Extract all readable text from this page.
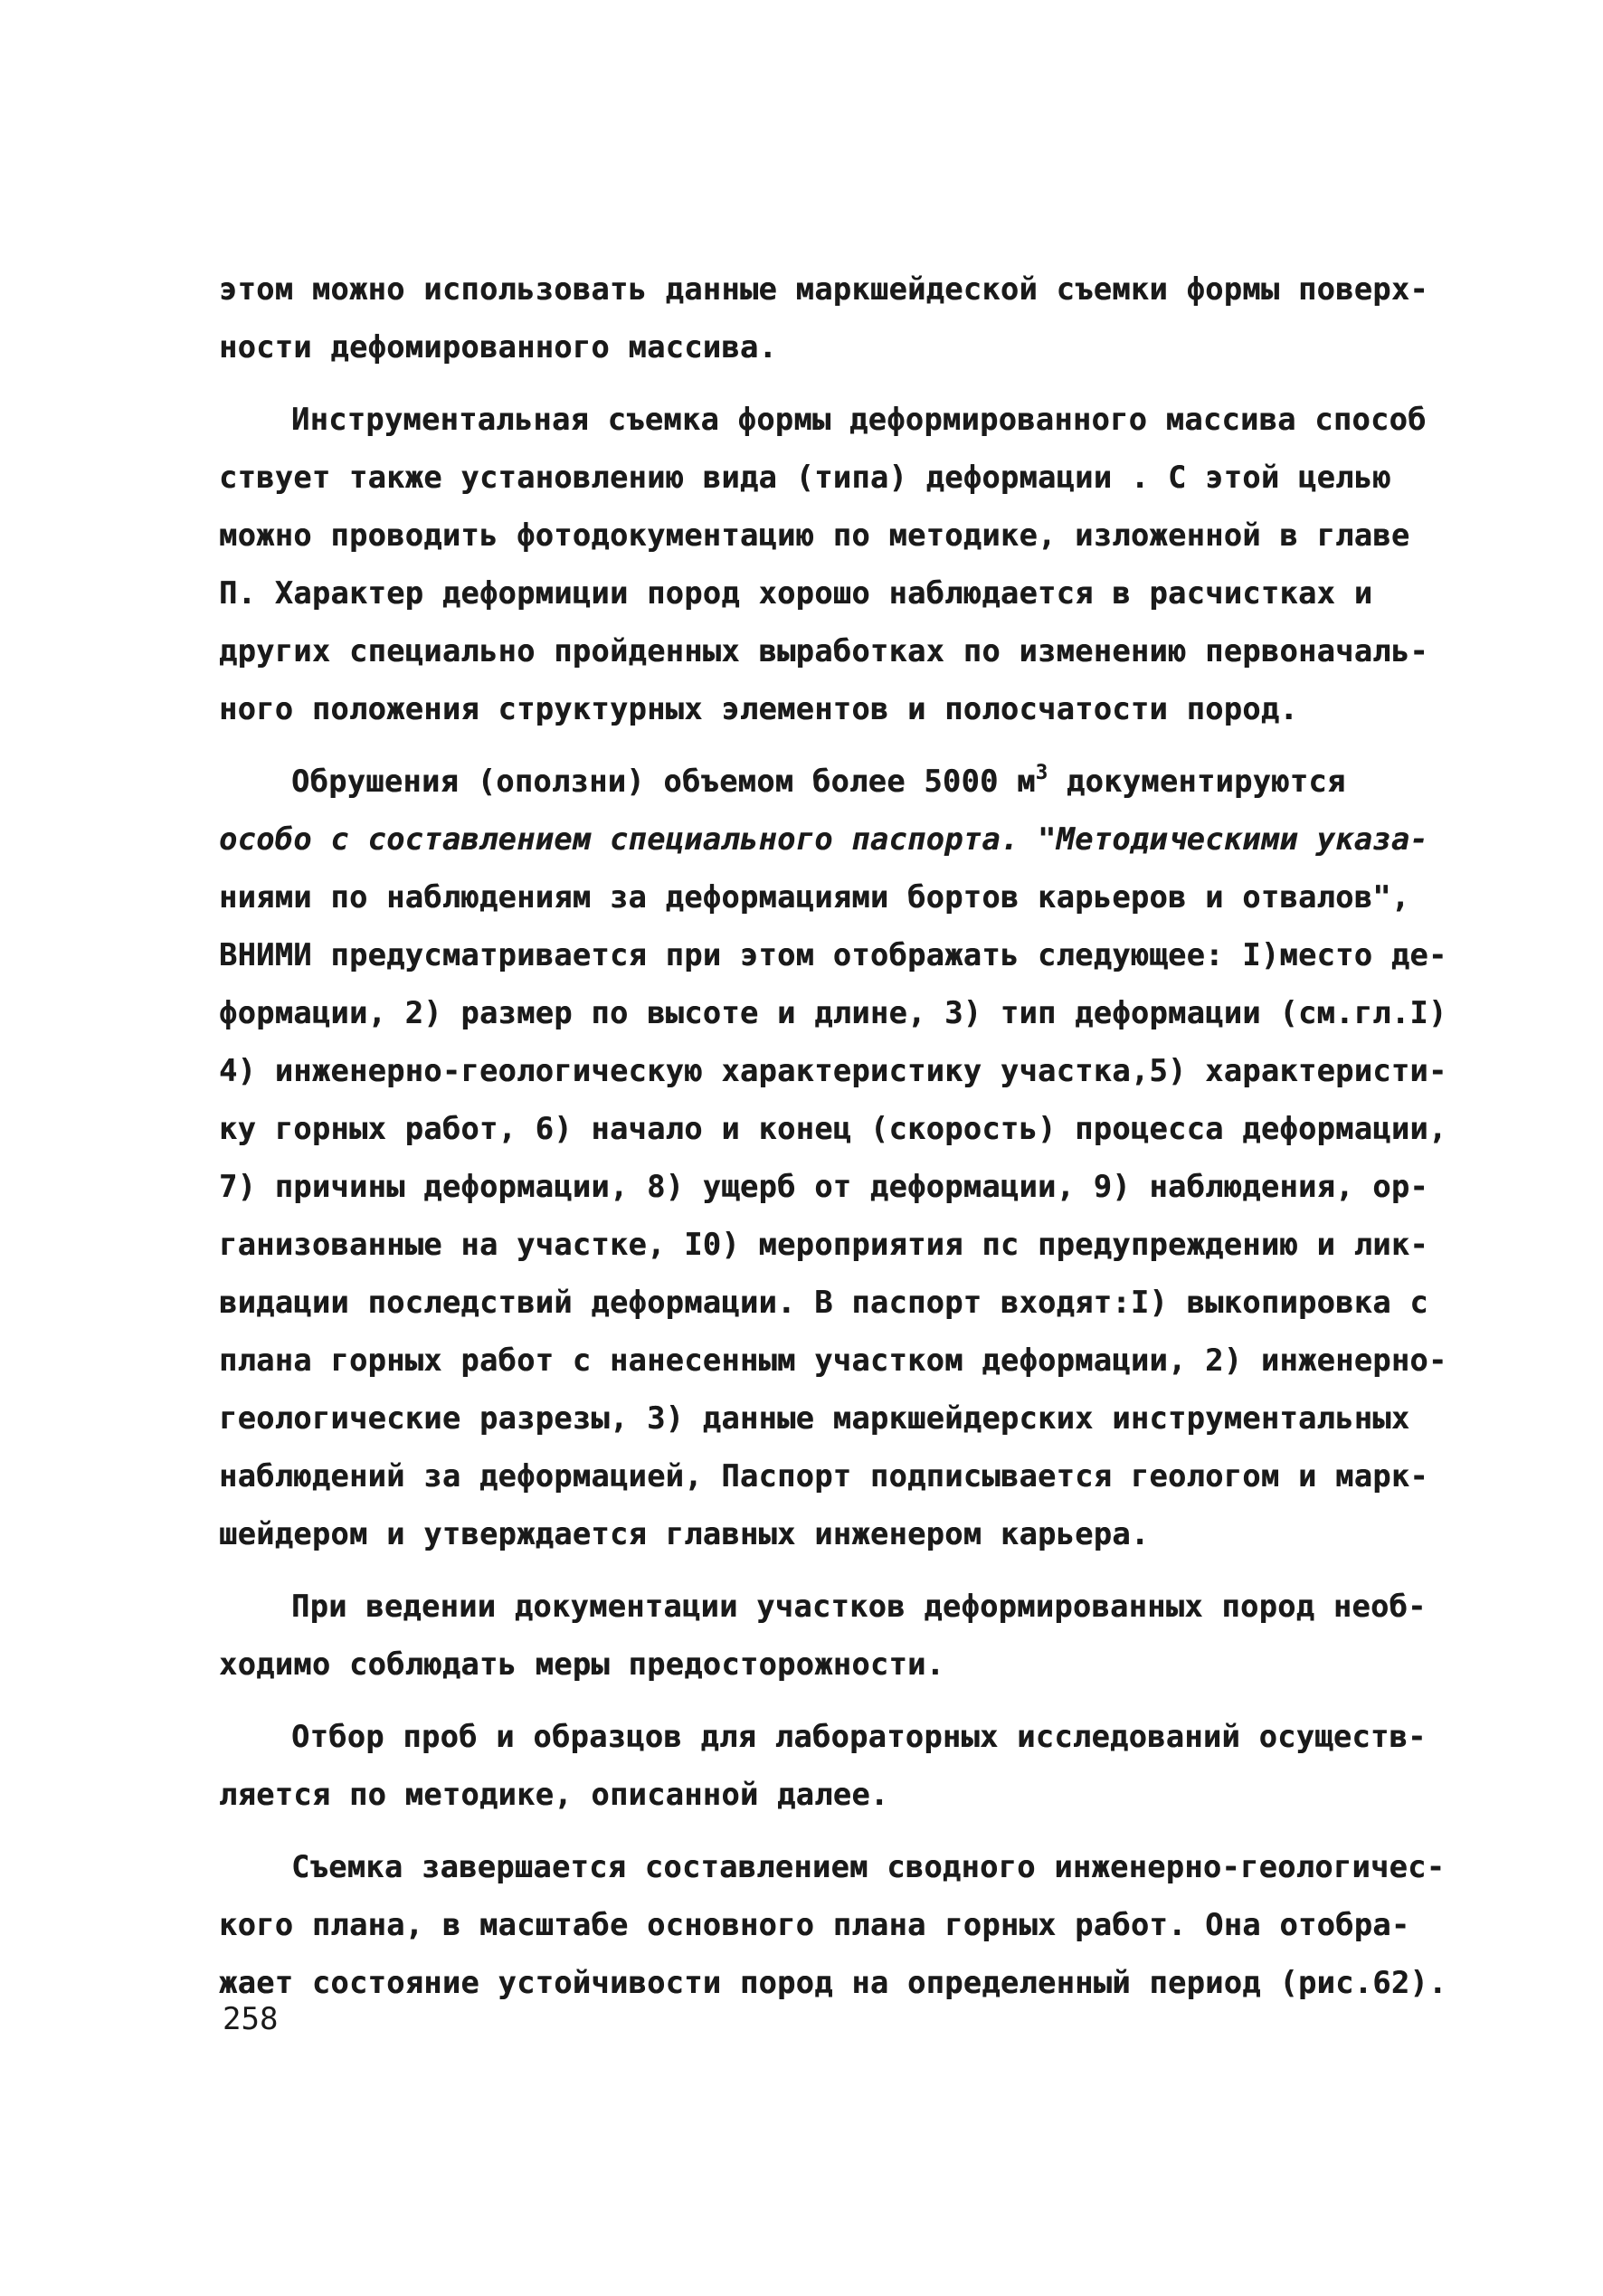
этом можно использовать данные маркшейдеской съемки формы поверх-
ности дефомированного массива.
Инструментальная съемка формы деформированного массива способ
ствует также установлению вида (типа) деформации . С этой целью
можно проводить фотодокументацию по методике, изложенной в главе
П. Характер деформиции пород хорошо наблюдается в расчистках и
других специально пройденных выработках по изменению первоначаль-
ного положения структурных элементов и полосчатости пород.
Обрушения (оползни) объемом более 5000 $м^3$ документируются
особо с составлением специального паспорта. "Методическими указа-
ниями по наблюдениям за деформациями бортов карьеров и отвалов",
ВНИМИ предусматривается при этом отображать следующее: I)место де-
формации, 2) размер по высоте и длине, 3) тип деформации (см.гл.I)
4) инженерно-геологическую характеристику участка,5) характеристи-
ку горных работ, 6) начало и конец (скорость) процесса деформации,
7) причины деформации, 8) ущерб от деформации, 9) наблюдения, ор-
ганизованные на участке, I0) мероприятия пс предупреждению и лик-
видации последствий деформации. В паспорт входят:I) выкопировка с
плана горных работ с нанесенным участком деформации, 2) инженерно-
геологические разрезы, 3) данные маркшейдерских инструментальных
наблюдений за деформацией, Паспорт подписывается геологом и марк-
шейдером и утверждается главных инженером карьера.
При ведении документации участков деформированных пород необ-
ходимо соблюдать меры предосторожности.
Отбор проб и образцов для лабораторных исследований осуществ-
ляется по методике, описанной далее.
Съемка завершается составлением сводного инженерно-геологичес-
кого плана, в масштабе основного плана горных работ. Она отобра-
жает состояние устойчивости пород на определенный период (рис.62).
258
